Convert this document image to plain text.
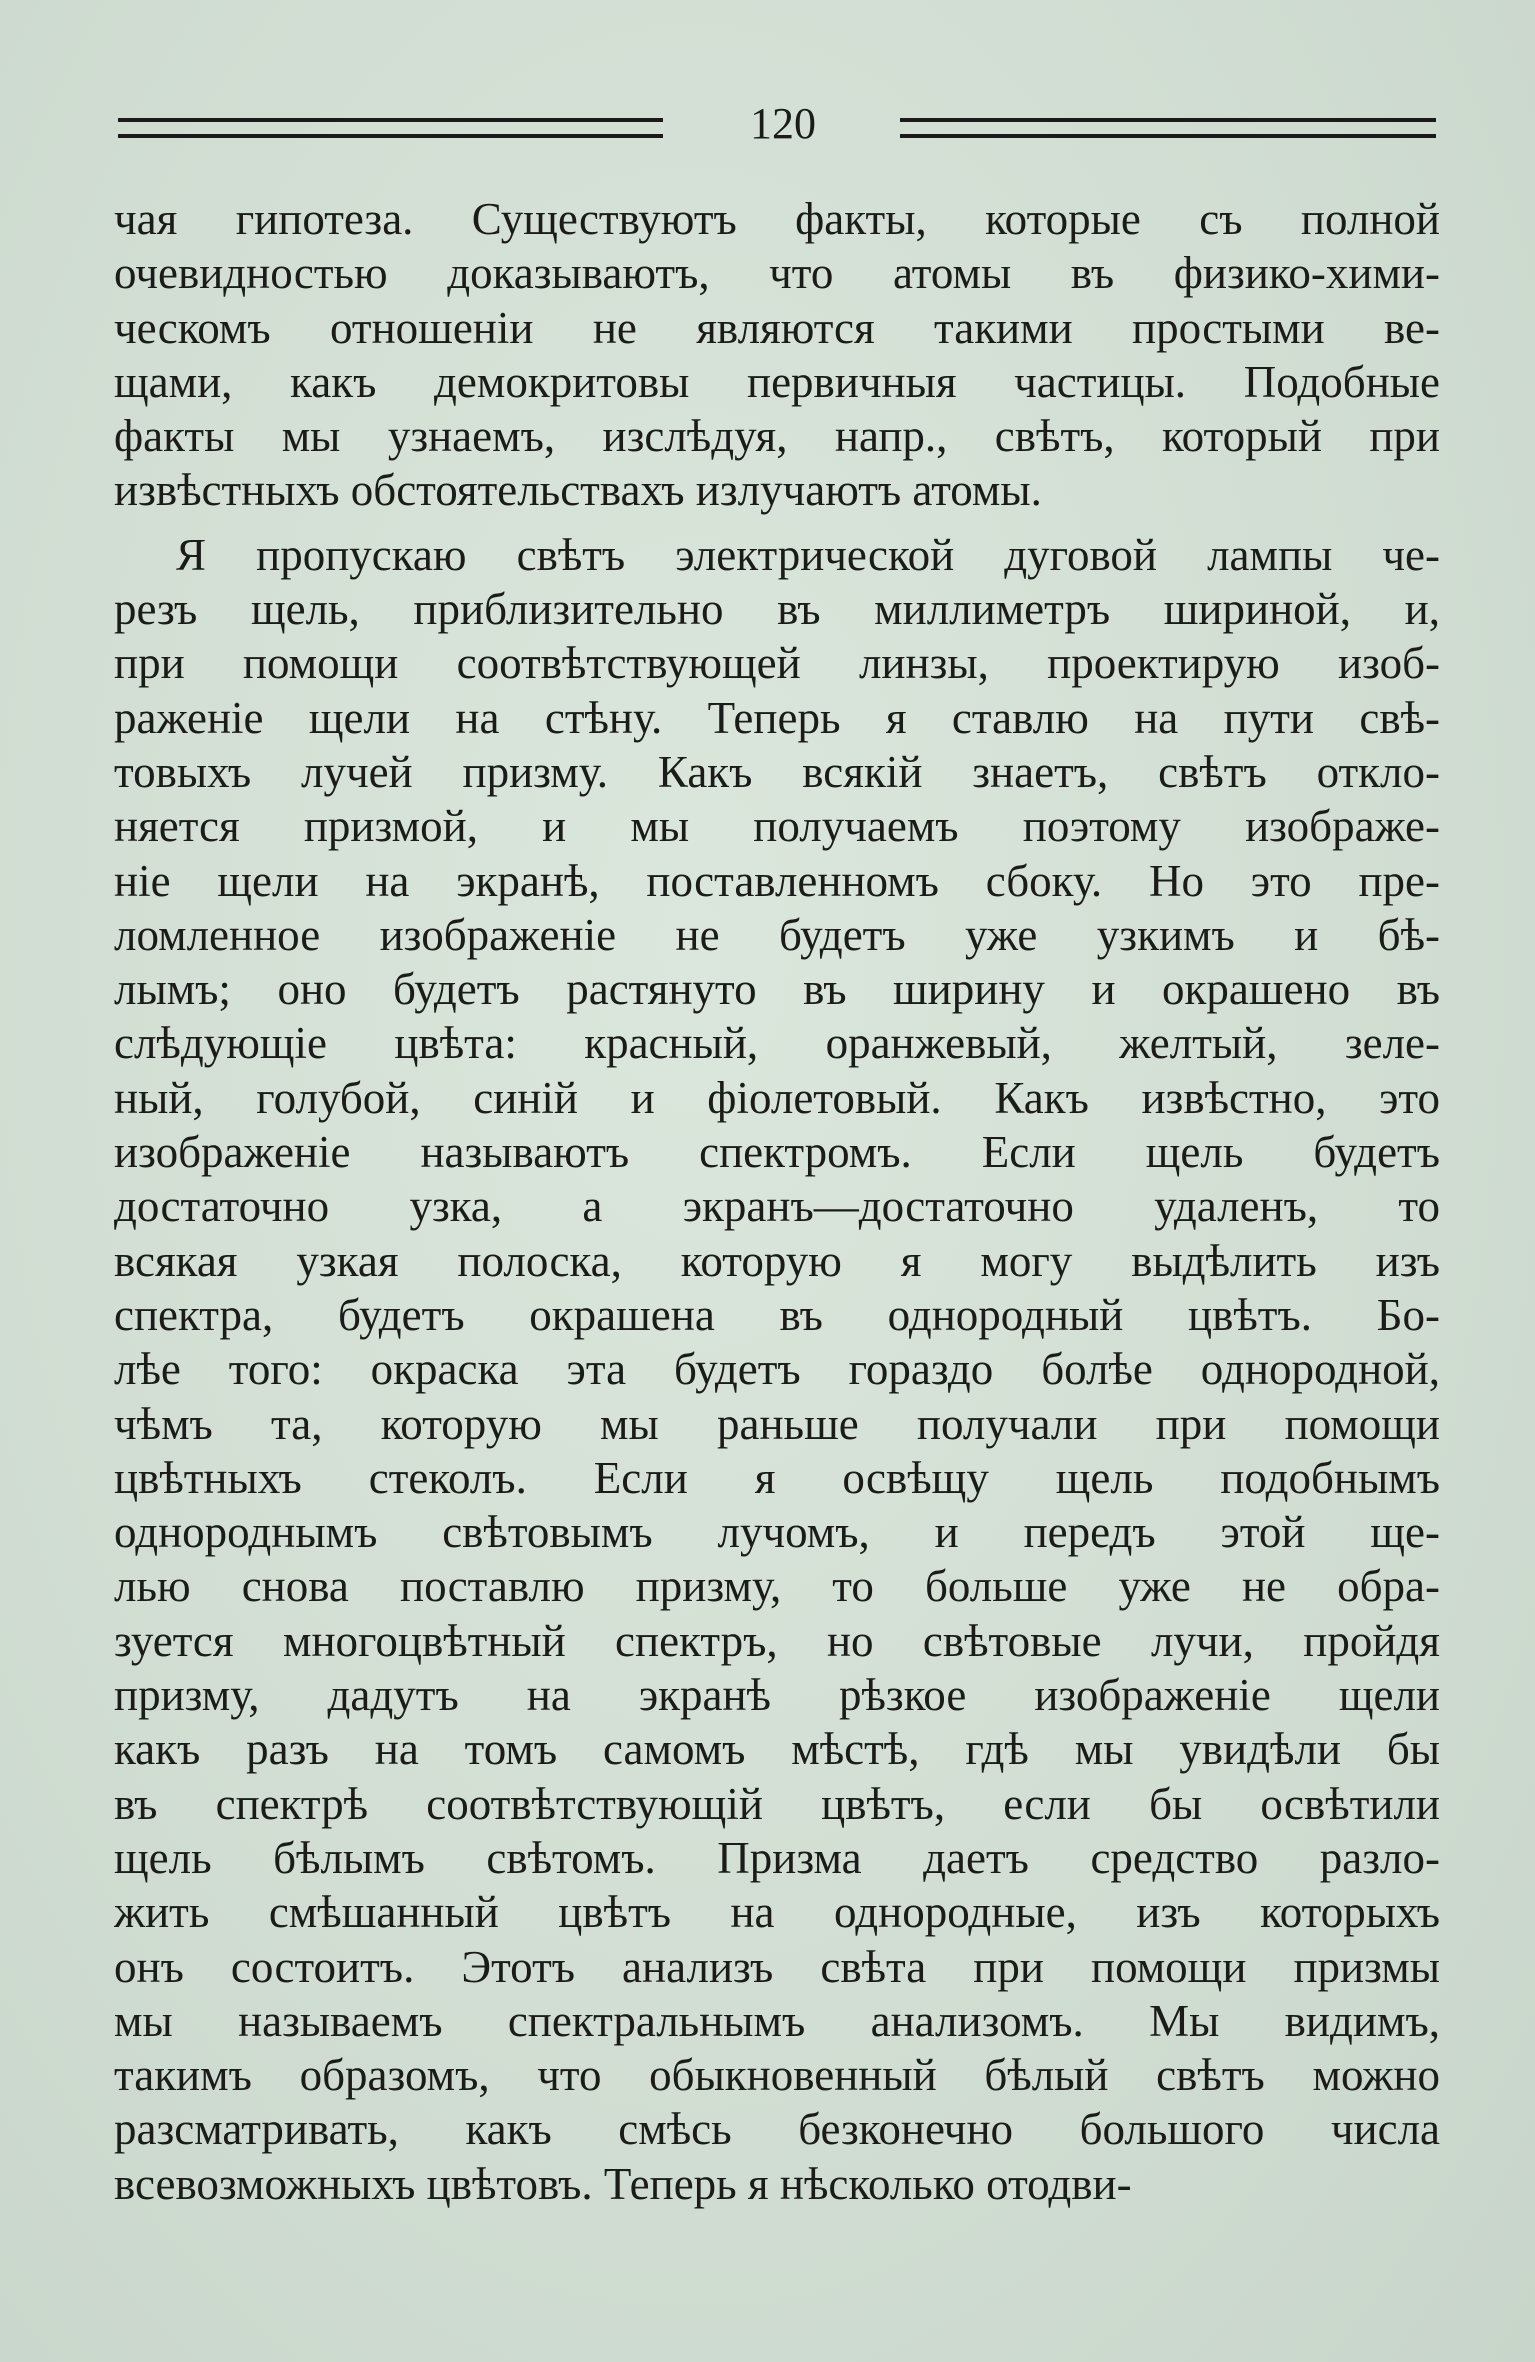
120
чая гипотеза. Существуютъ факты, которые съ полной
очевидностью доказываютъ, что атомы въ физико-хими-
ческомъ отношенiи не являются такими простыми ве-
щами, какъ демокритовы первичныя частицы. Подобные
факты мы узнаемъ, изслѣдуя, напр., свѣтъ, который при
извѣстныхъ обстоятельствахъ излучаютъ атомы.
Я пропускаю свѣтъ электрической дуговой лампы че-
резъ щель, приблизительно въ миллиметръ шириной, и,
при помощи соотвѣтствующей линзы, проектирую изоб-
раженiе щели на стѣну. Теперь я ставлю на пути свѣ-
товыхъ лучей призму. Какъ всякiй знаетъ, свѣтъ откло-
няется призмой, и мы получаемъ поэтому изображе-
нiе щели на экранѣ, поставленномъ сбоку. Но это пре-
ломленное изображенiе не будетъ уже узкимъ и бѣ-
лымъ; оно будетъ растянуто въ ширину и окрашено въ
слѣдующiе цвѣта: красный, оранжевый, желтый, зеле-
ный, голубой, синiй и фiолетовый. Какъ извѣстно, это
изображенiе называютъ спектромъ. Если щель будетъ
достаточно узка, а экранъ—достаточно удаленъ, то
всякая узкая полоска, которую я могу выдѣлить изъ
спектра, будетъ окрашена въ однородный цвѣтъ. Бо-
лѣе того: окраска эта будетъ гораздо болѣе однородной,
чѣмъ та, которую мы раньше получали при помощи
цвѣтныхъ стеколъ. Если я освѣщу щель подобнымъ
однороднымъ свѣтовымъ лучомъ, и передъ этой ще-
лью снова поставлю призму, то больше уже не обра-
зуется многоцвѣтный спектръ, но свѣтовые лучи, пройдя
призму, дадутъ на экранѣ рѣзкое изображенiе щели
какъ разъ на томъ самомъ мѣстѣ, гдѣ мы увидѣли бы
въ спектрѣ соотвѣтствующiй цвѣтъ, если бы освѣтили
щель бѣлымъ свѣтомъ. Призма даетъ средство разло-
жить смѣшанный цвѣтъ на однородные, изъ которыхъ
онъ состоитъ. Этотъ анализъ свѣта при помощи призмы
мы называемъ спектральнымъ анализомъ. Мы видимъ,
такимъ образомъ, что обыкновенный бѣлый свѣтъ можно
разсматривать, какъ смѣсь безконечно большого числа
всевозможныхъ цвѣтовъ. Теперь я нѣсколько отодви-
